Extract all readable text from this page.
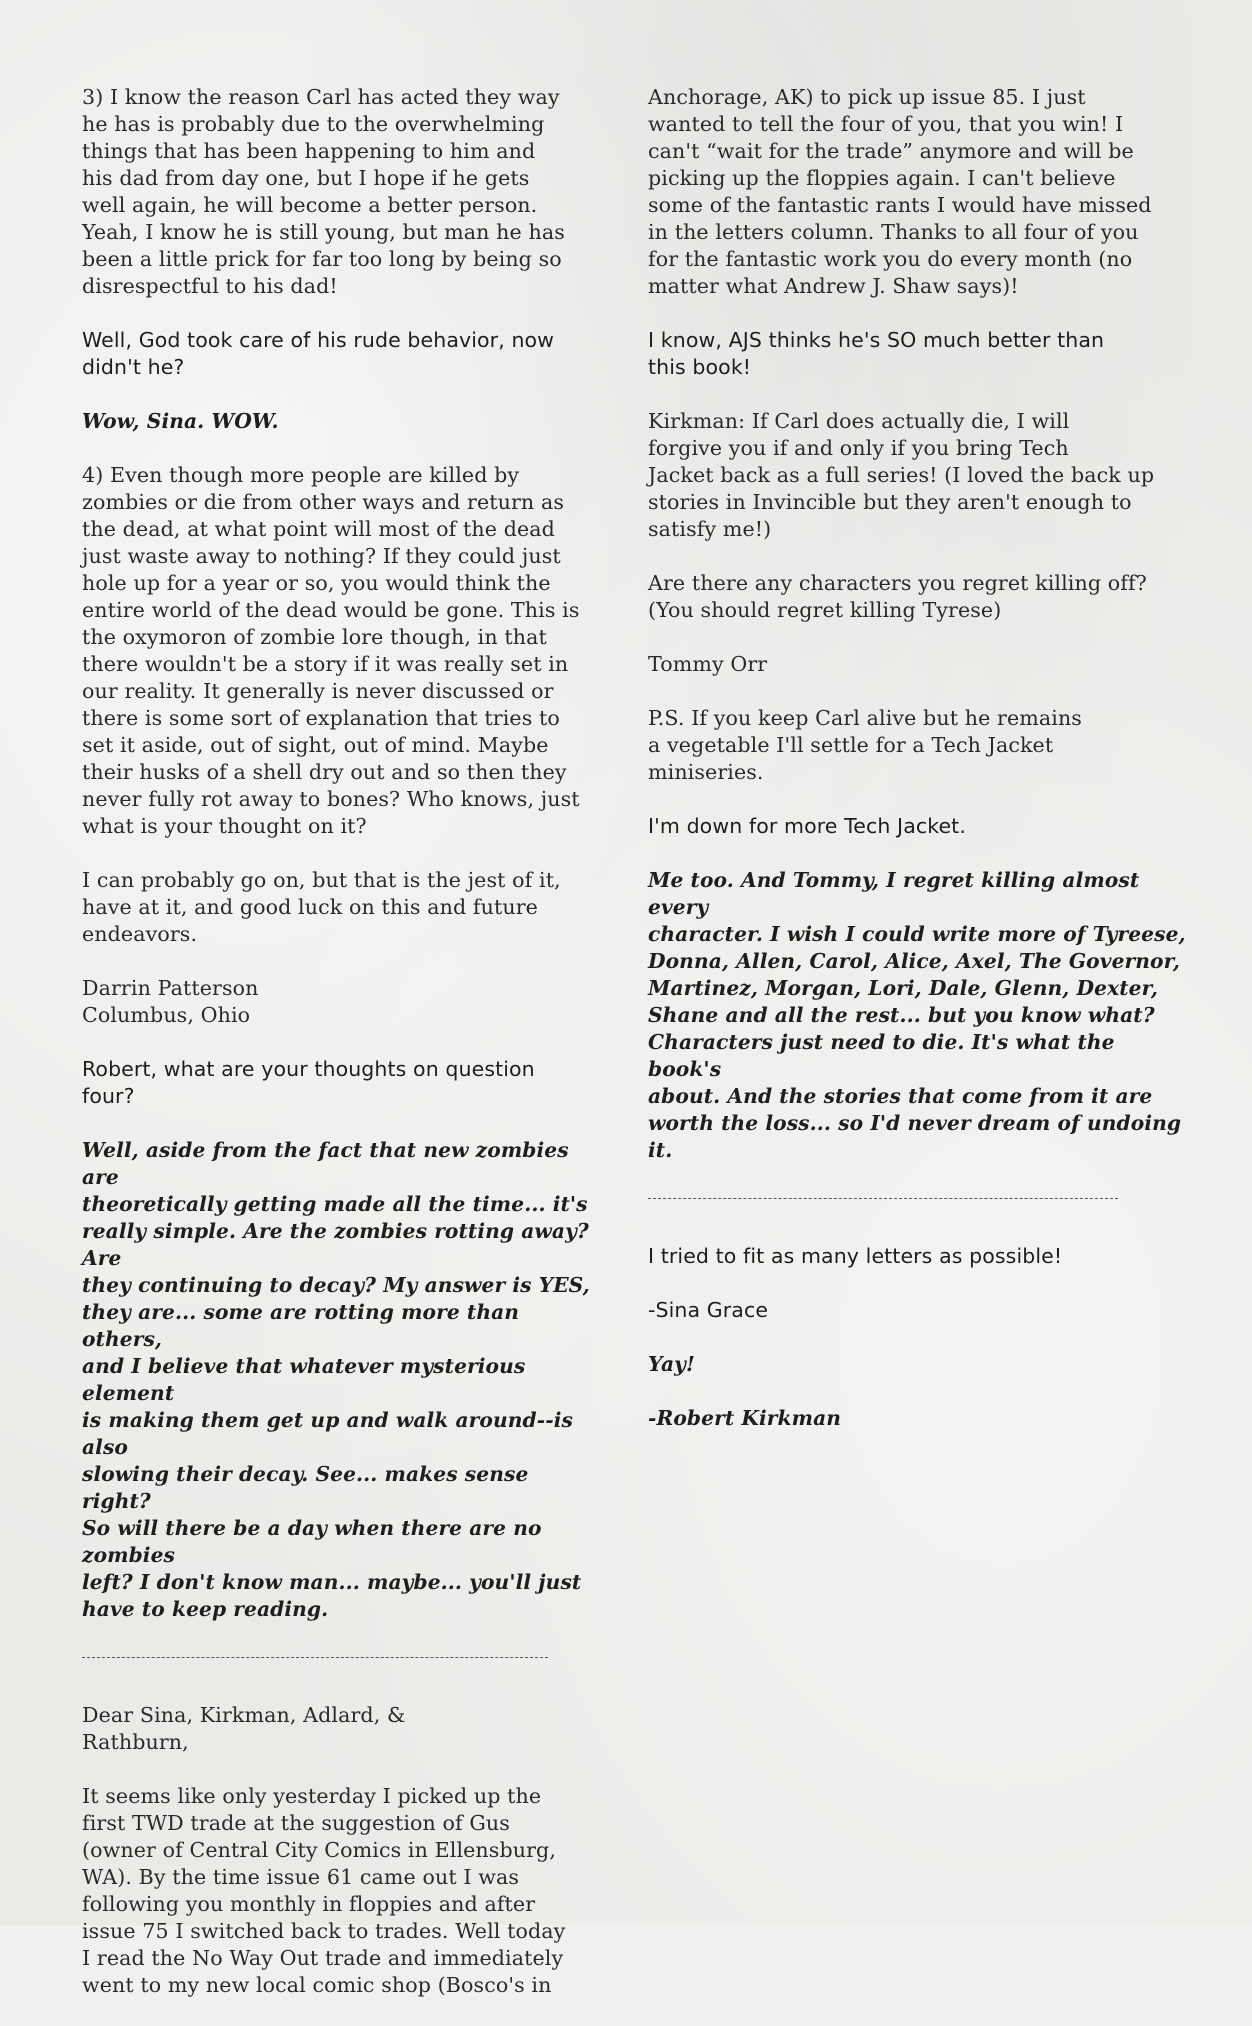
3) I know the reason Carl has acted they way
he has is probably due to the overwhelming
things that has been happening to him and
his dad from day one, but I hope if he gets
well again, he will become a better person.
Yeah, I know he is still young, but man he has
been a little prick for far too long by being so
disrespectful to his dad!

Well, God took care of his rude behavior, now
didn't he?

Wow, Sina. WOW.

4) Even though more people are killed by
zombies or die from other ways and return as
the dead, at what point will most of the dead
just waste away to nothing? If they could just
hole up for a year or so, you would think the
entire world of the dead would be gone. This is
the oxymoron of zombie lore though, in that
there wouldn't be a story if it was really set in
our reality. It generally is never discussed or
there is some sort of explanation that tries to
set it aside, out of sight, out of mind. Maybe
their husks of a shell dry out and so then they
never fully rot away to bones? Who knows, just
what is your thought on it?

I can probably go on, but that is the jest of it,
have at it, and good luck on this and future
endeavors.

Darrin Patterson
Columbus, Ohio

Robert, what are your thoughts on question
four?

Well, aside from the fact that new zombies are
theoretically getting made all the time... it's
really simple. Are the zombies rotting away? Are
they continuing to decay? My answer is YES,
they are... some are rotting more than others,
and I believe that whatever mysterious element
is making them get up and walk around--is also
slowing their decay. See... makes sense right?
So will there be a day when there are no zombies
left? I don't know man... maybe... you'll just
have to keep reading.

Dear Sina, Kirkman, Adlard, &
Rathburn,

It seems like only yesterday I picked up the
first TWD trade at the suggestion of Gus
(owner of Central City Comics in Ellensburg,
WA). By the time issue 61 came out I was
following you monthly in floppies and after
issue 75 I switched back to trades. Well today
I read the No Way Out trade and immediately
went to my new local comic shop (Bosco's in

Anchorage, AK) to pick up issue 85. I just
wanted to tell the four of you, that you win! I
can't “wait for the trade” anymore and will be
picking up the floppies again. I can't believe
some of the fantastic rants I would have missed
in the letters column. Thanks to all four of you
for the fantastic work you do every month (no
matter what Andrew J. Shaw says)!

I know, AJS thinks he's SO much better than
this book!

Kirkman: If Carl does actually die, I will
forgive you if and only if you bring Tech
Jacket back as a full series! (I loved the back up
stories in Invincible but they aren't enough to
satisfy me!)

Are there any characters you regret killing off?
(You should regret killing Tyrese)

Tommy Orr

P.S. If you keep Carl alive but he remains
a vegetable I'll settle for a Tech Jacket
miniseries.

I'm down for more Tech Jacket.

Me too. And Tommy, I regret killing almost every
character. I wish I could write more of Tyreese,
Donna, Allen, Carol, Alice, Axel, The Governor,
Martinez, Morgan, Lori, Dale, Glenn, Dexter,
Shane and all the rest... but you know what?
Characters just need to die. It's what the book's
about. And the stories that come from it are
worth the loss... so I'd never dream of undoing it.

I tried to fit as many letters as possible!

-Sina Grace

Yay!

-Robert Kirkman
